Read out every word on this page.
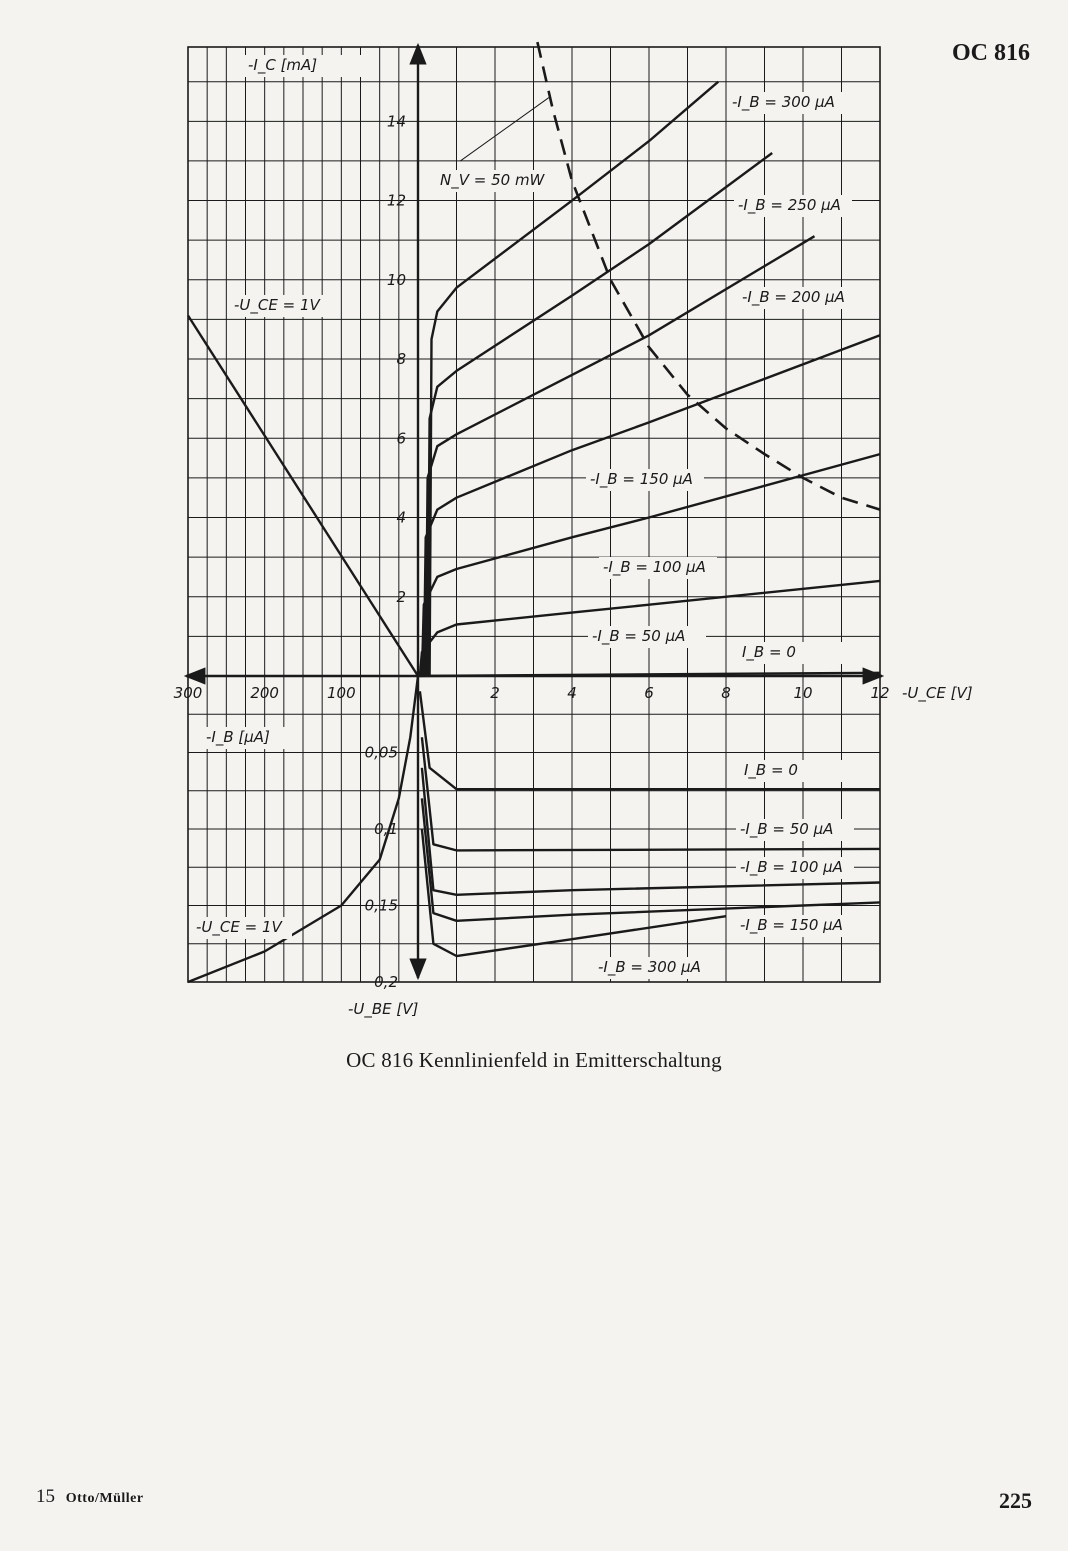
OC 816
2	4	6	8	10	12
100
200
300
2
4
6
8
10
12
14
0,05
0,1
0,15
0,2
-I_C [mA]
-U_CE [V]
-I_B [µA]
-U_BE [V]
-I_B = 300 µA
-I_B = 250 µA
-I_B = 200 µA
-I_B = 150 µA
-I_B = 100 µA
-I_B = 50 µA
I_B = 0
N_V = 50 mW
-U_CE = 1V
-U_CE = 1V
I_B = 0
-I_B = 50 µA
-I_B = 100 µA
-I_B = 150 µA
-I_B = 300 µA
OC 816 Kennlinienfeld in Emitterschaltung
15 Otto/Müller	225
